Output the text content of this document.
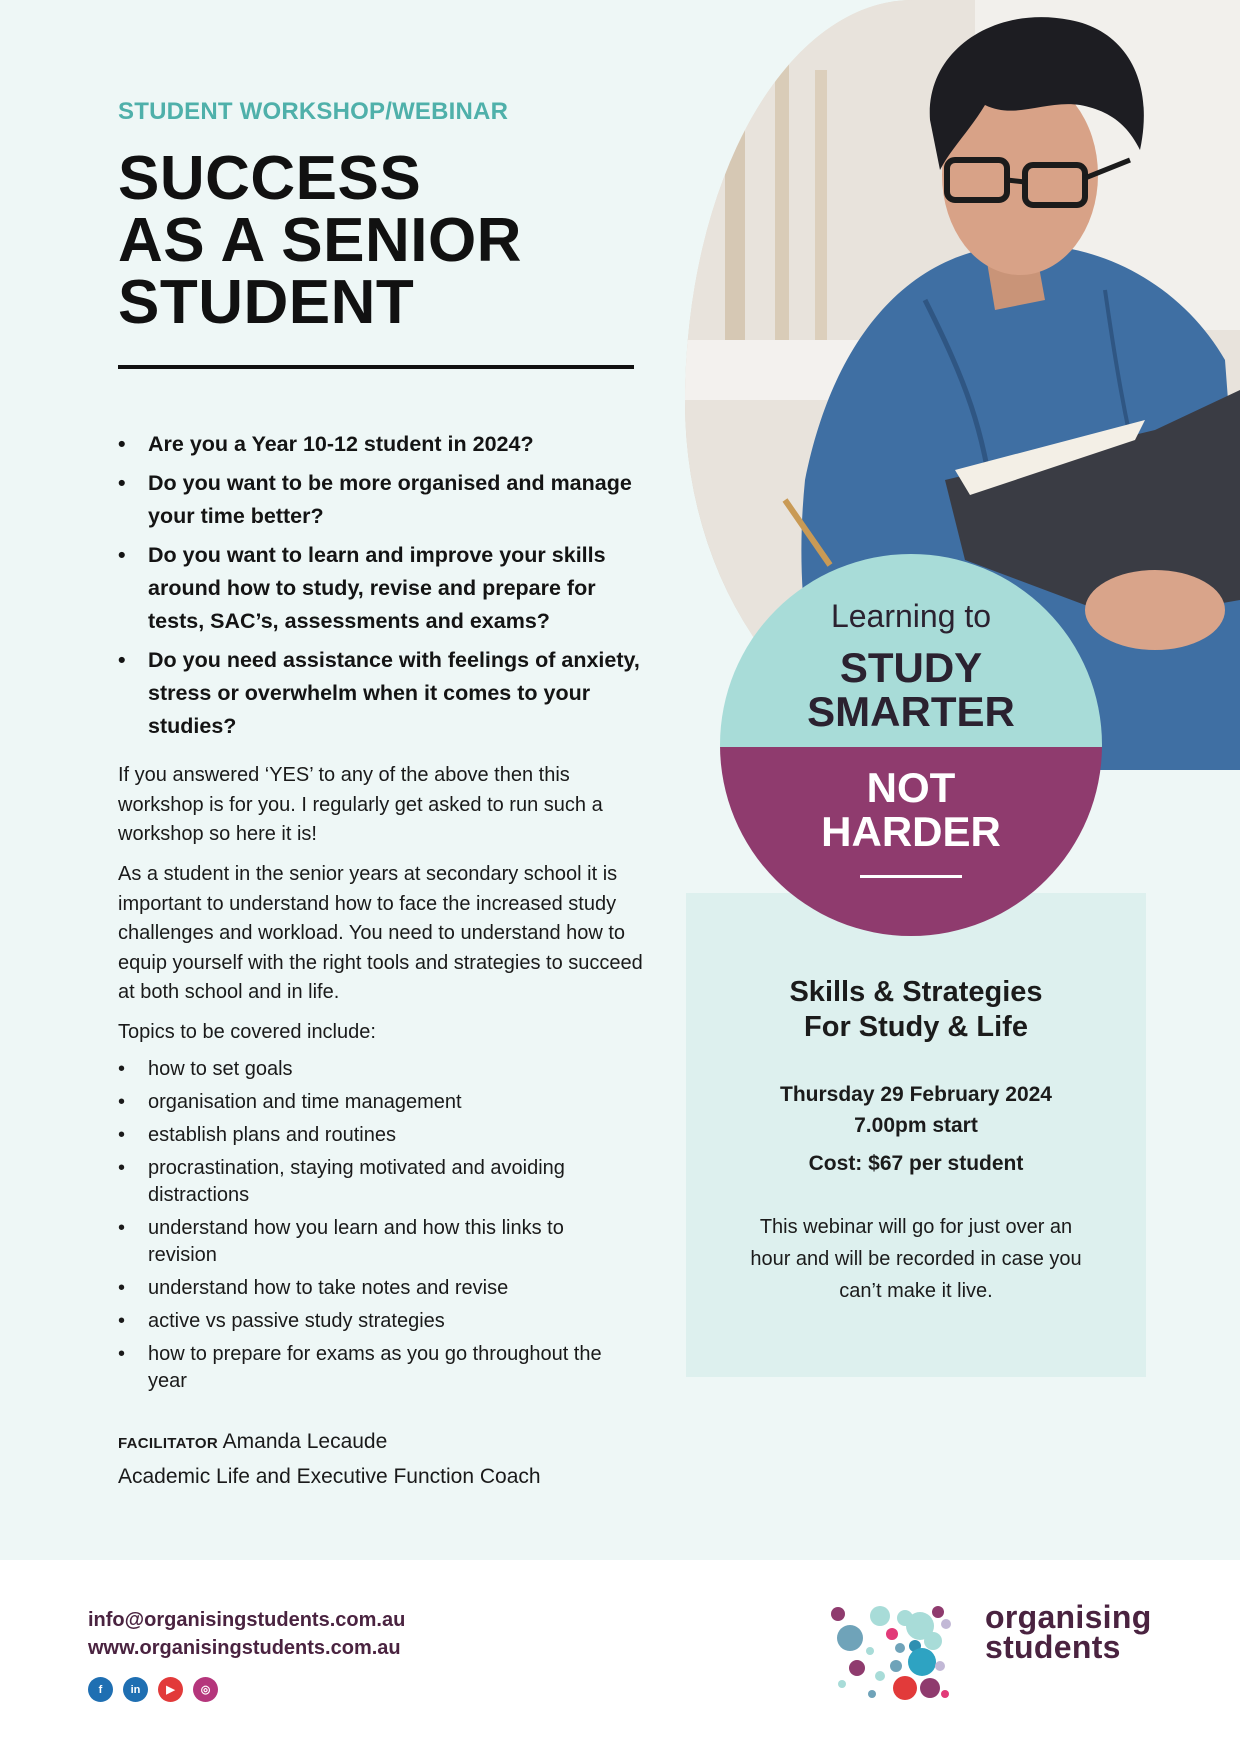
STUDENT WORKSHOP/WEBINAR
SUCCESS
AS A SENIOR
STUDENT
• Are you a Year 10-12 student in 2024?
• Do you want to be more organised and manage your time better?
• Do you want to learn and improve your skills around how to study, revise and prepare for tests, SAC’s, assessments and exams?
• Do you need assistance with feelings of anxiety, stress or overwhelm when it comes to your studies?

If you answered ‘YES’ to any of the above then this workshop is for you. I regularly get asked to run such a workshop so here it is!

As a student in the senior years at secondary school it is important to understand how to face the increased study challenges and workload. You need to understand how to equip yourself with the right tools and strategies to succeed at both school and in life.

Topics to be covered include:

• how to set goals
• organisation and time management
• establish plans and routines
• procrastination, staying motivated and avoiding distractions
• understand how you learn and how this links to revision
• understand how to take notes and revise
• active vs passive study strategies
• how to prepare for exams as you go throughout the year
FACILITATOR Amanda Lecaude
Academic Life and Executive Function Coach
Skills & Strategies
For Study & Life
Thursday 29 February 2024
7.00pm start
Cost: $67 per student
This webinar will go for just over an hour and will be recorded in case you can’t make it live.
Learning to
STUDY
SMARTER
NOT
HARDER
info@organisingstudents.com.au
www.organisingstudents.com.au
f	in	▶	◎
organising
students
